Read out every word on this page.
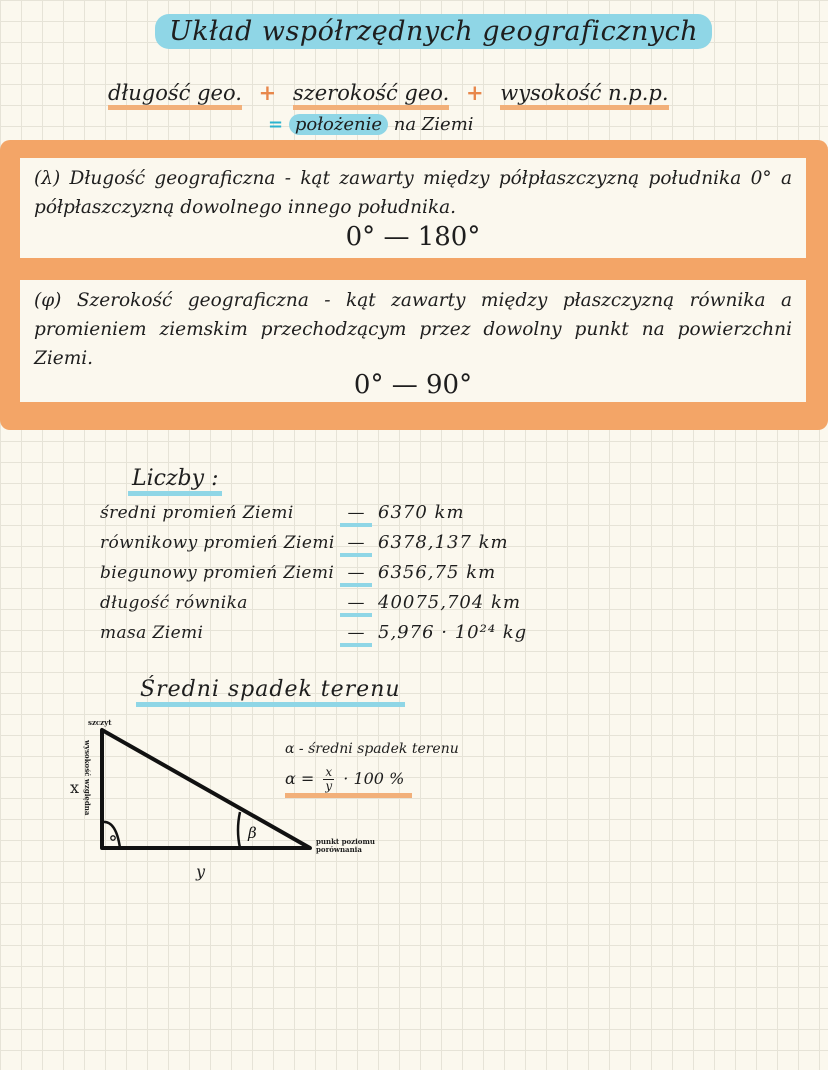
Układ współrzędnych geograficznych
długość geo. + szerokość geo. + wysokość n.p.p.
= położenie na Ziemi
(λ) Długość geograficzna - kąt zawarty między półpłaszczyzną południka 0° a półpłaszczyzną dowolnego innego południka.
0° — 180°
(φ) Szerokość geograficzna - kąt zawarty między płaszczyzną równika a promieniem ziemskim przechodzącym przez dowolny punkt na powierzchni Ziemi.
0° — 90°
Liczby :
średni promień Ziemi	— 6370 km
równikowy promień Ziemi — 6378,137 km
biegunowy promień Ziemi — 6356,75 km
długość równika	— 40075,704 km
masa Ziemi	— 5,976 · 10²⁴ kg
Średni spadek terenu
β
szczyt
wysokość względna
punkt poziomu porównania
x
y
α - średni spadek terenu
$\alpha = \frac{x}{y} \cdot 100$ %
